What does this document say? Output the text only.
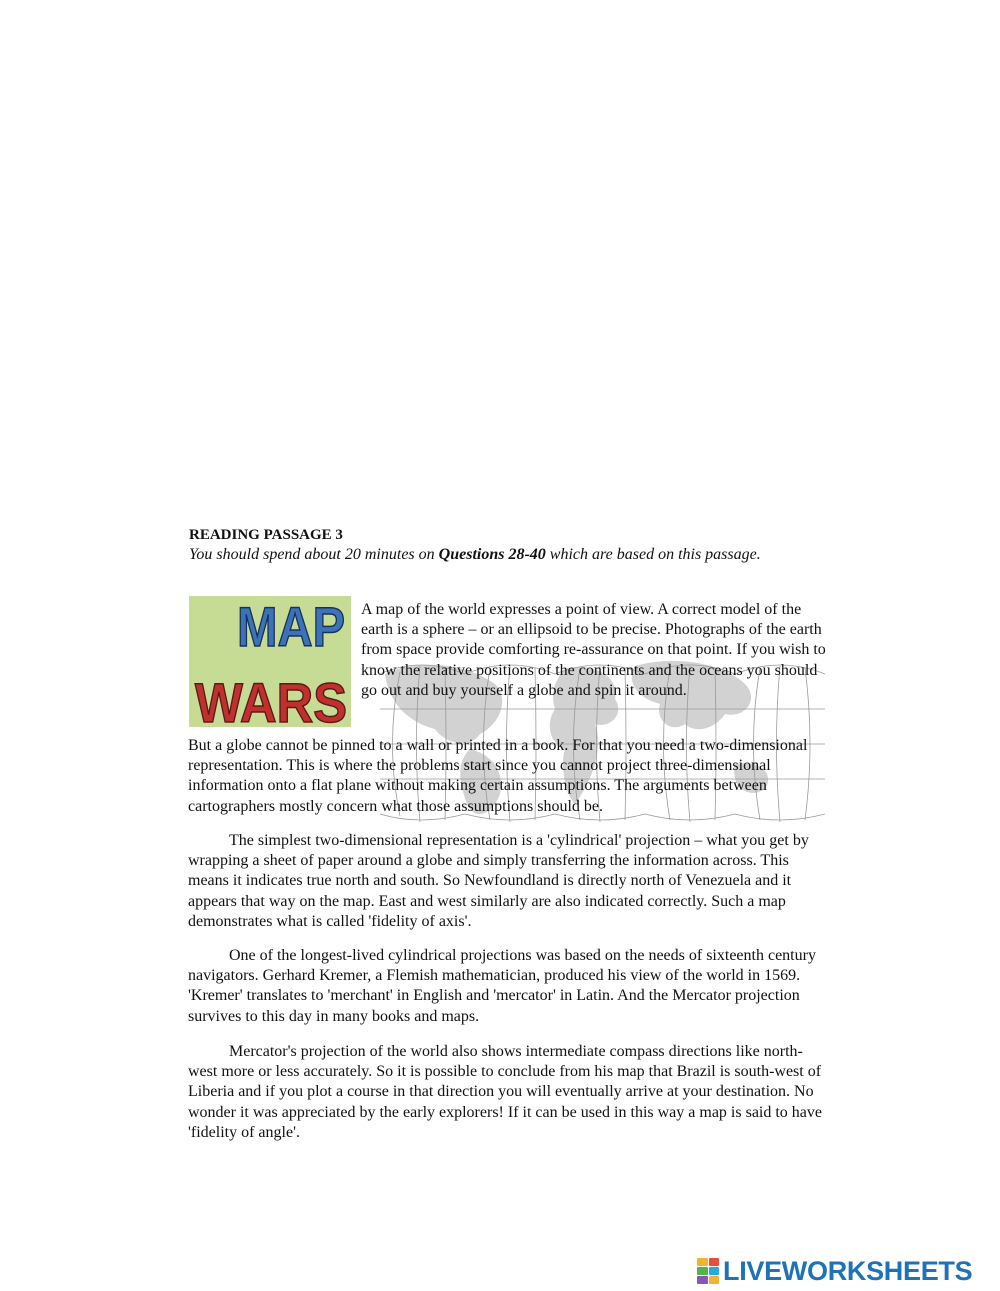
READING PASSAGE 3
You should spend about 20 minutes on Questions 28-40 which are based on this passage.
MAP
WARS
A map of the world expresses a point of view. A correct model of the earth is a sphere – or an ellipsoid to be precise. Photographs of the earth from space provide comforting re-assurance on that point. If you wish to know the relative positions of the continents and the oceans you should go out and buy yourself a globe and spin it around.
But a globe cannot be pinned to a wall or printed in a book. For that you need a two-dimensional representation. This is where the problems start since you cannot project three-dimensional information onto a flat plane without making certain assumptions. The arguments between cartographers mostly concern what those assumptions should be.
The simplest two-dimensional representation is a 'cylindrical' projection – what you get by wrapping a sheet of paper around a globe and simply transferring the information across. This means it indicates true north and south. So Newfoundland is directly north of Venezuela and it appears that way on the map. East and west similarly are also indicated correctly. Such a map demonstrates what is called 'fidelity of axis'.
One of the longest-lived cylindrical projections was based on the needs of sixteenth century navigators. Gerhard Kremer, a Flemish mathematician, produced his view of the world in 1569. 'Kremer' translates to 'merchant' in English and 'mercator' in Latin. And the Mercator projection survives to this day in many books and maps.
Mercator's projection of the world also shows intermediate compass directions like north-west more or less accurately. So it is possible to conclude from his map that Brazil is south-west of Liberia and if you plot a course in that direction you will eventually arrive at your destination. No wonder it was appreciated by the early explorers! If it can be used in this way a map is said to have 'fidelity of angle'.
LIVEWORKSHEETS
